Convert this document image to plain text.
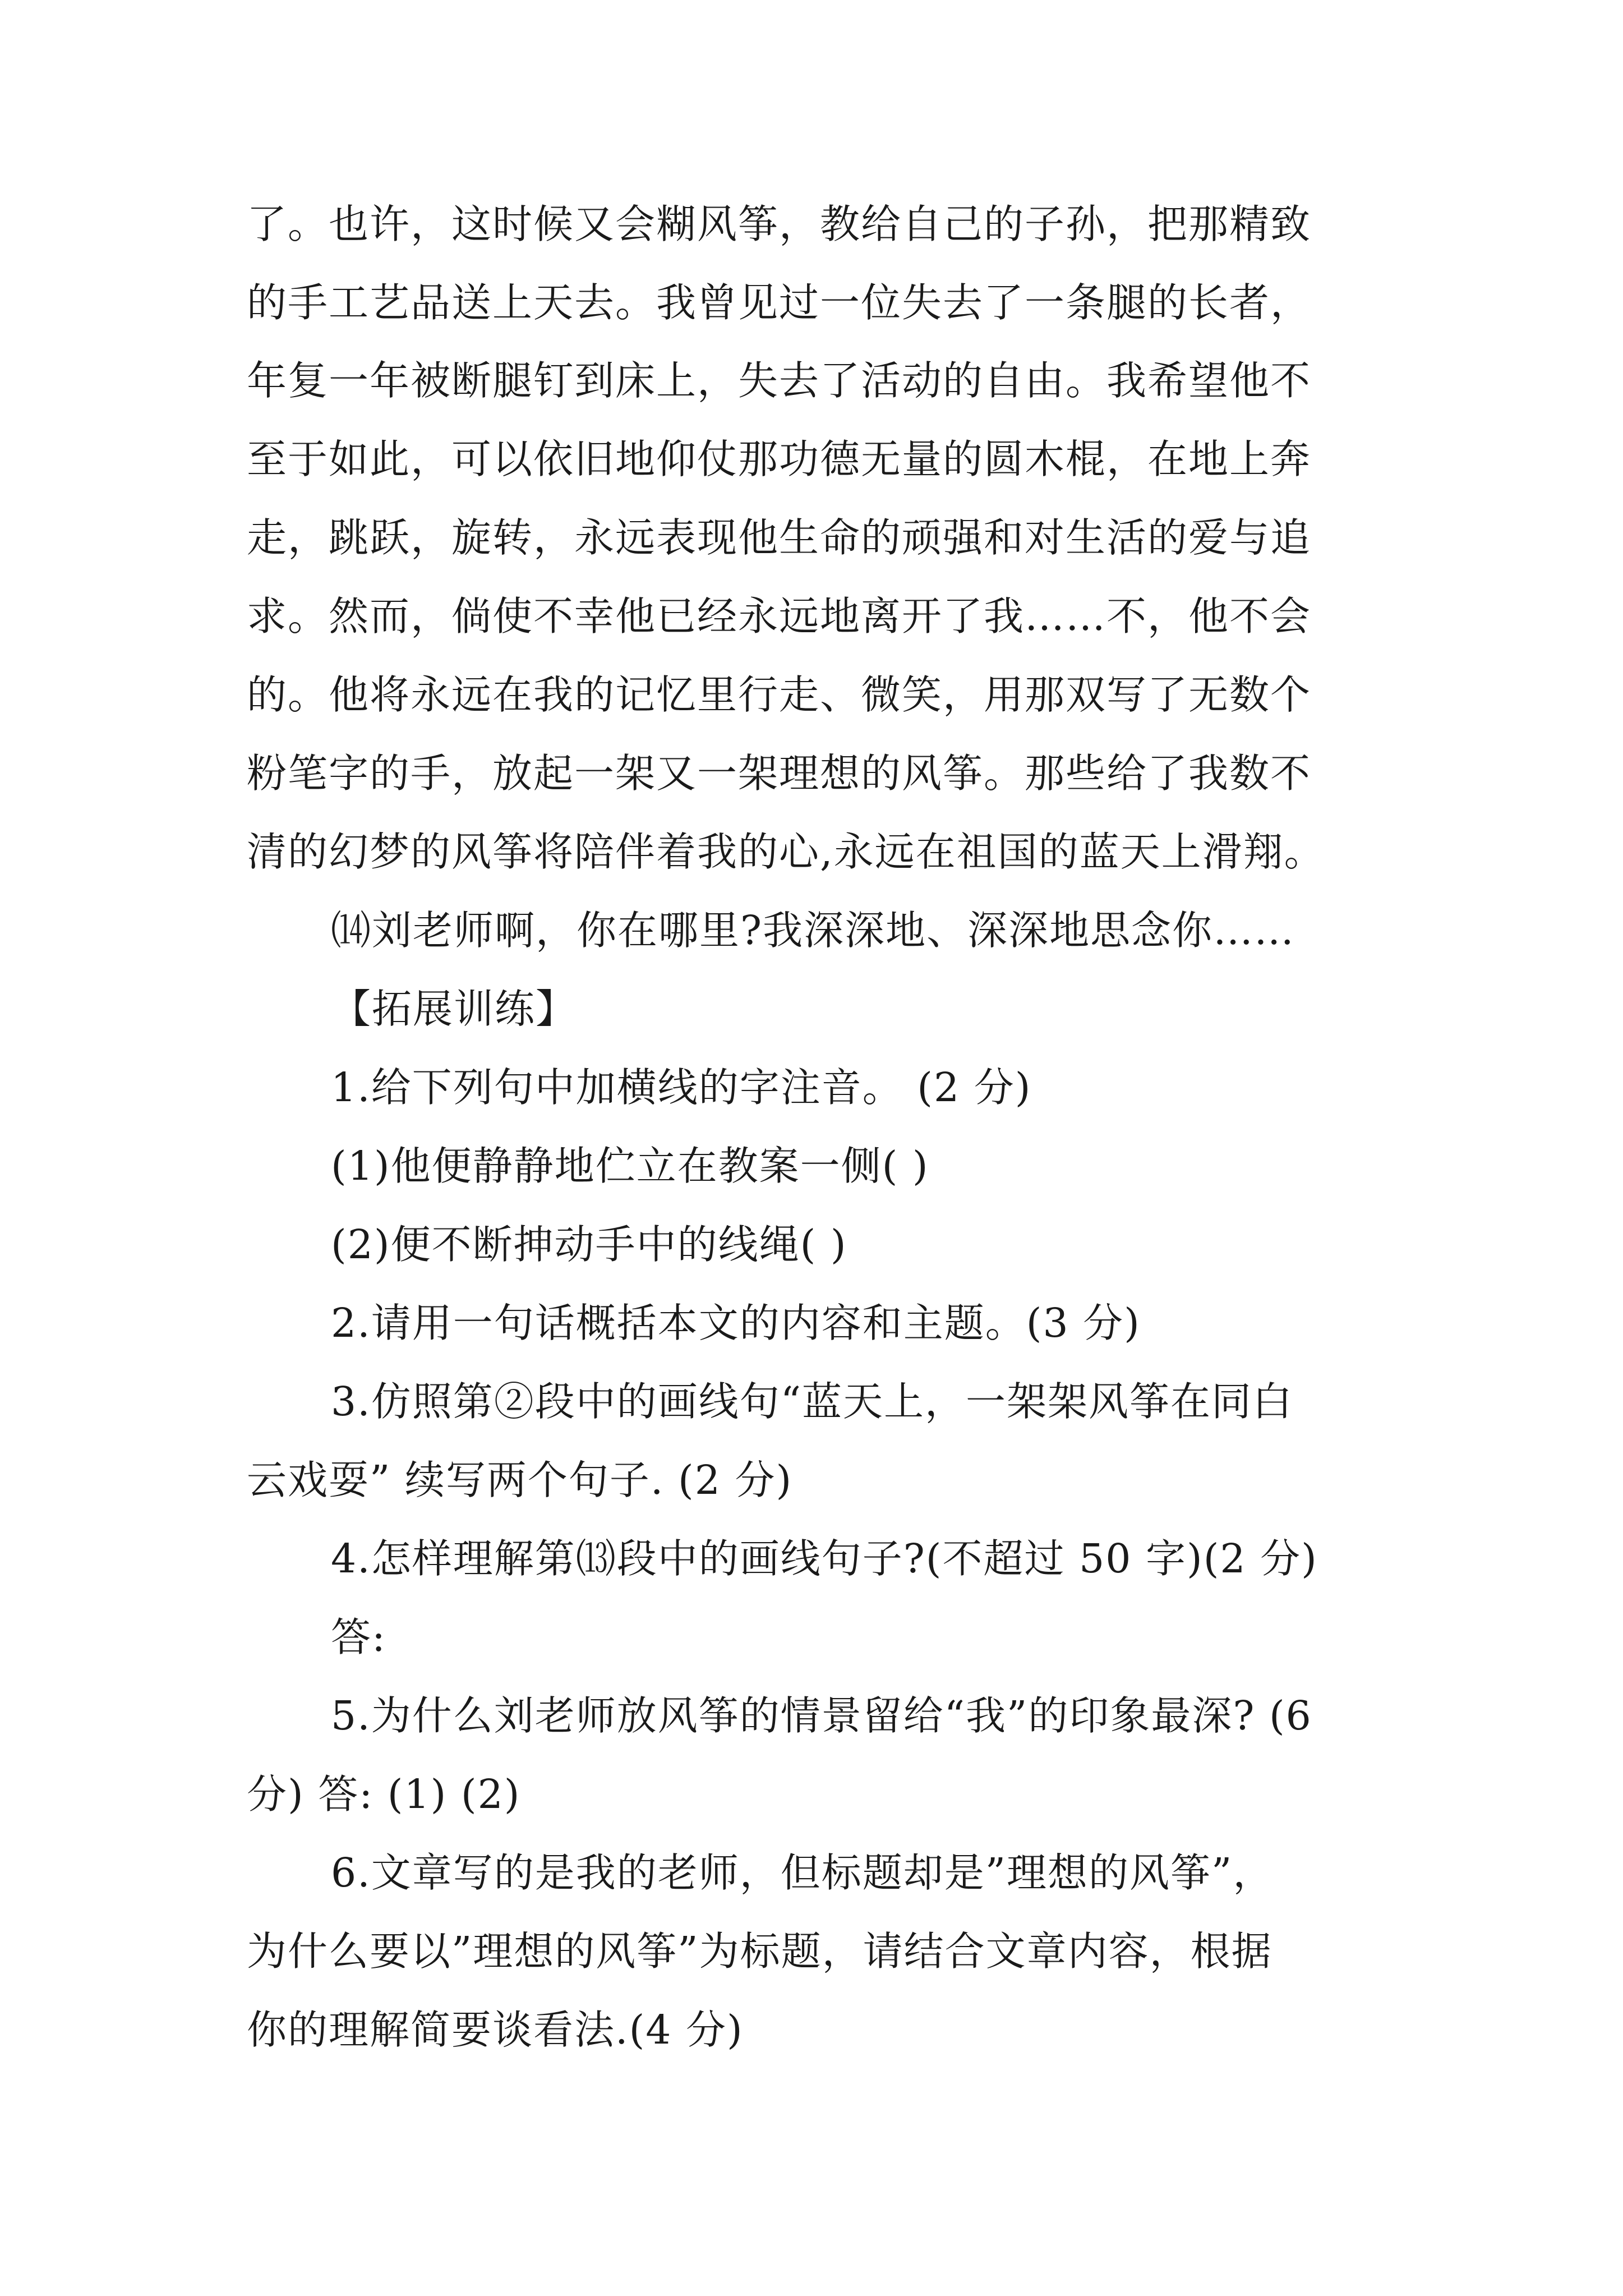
了。也许，这时候又会糊风筝，教给自己的子孙，把那精致
的手工艺品送上天去。我曾见过一位失去了一条腿的长者，
年复一年被断腿钉到床上，失去了活动的自由。我希望他不
至于如此，可以依旧地仰仗那功德无量的圆木棍，在地上奔
走，跳跃，旋转，永远表现他生命的顽强和对生活的爱与追
求。然而，倘使不幸他已经永远地离开了我……不，他不会
的。他将永远在我的记忆里行走、微笑，用那双写了无数个
粉笔字的手，放起一架又一架理想的风筝。那些给了我数不
清的幻梦的风筝将陪伴着我的心,永远在祖国的蓝天上滑翔。
⒁刘老师啊，你在哪里?我深深地、深深地思念你……
【拓展训练】
1.给下列句中加横线的字注音。 (2 分)
(1)他便静静地伫立在教案一侧( )
(2)便不断抻动手中的线绳( )
2.请用一句话概括本文的内容和主题。(3 分)
3.仿照第②段中的画线句“蓝天上，一架架风筝在同白
云戏耍” 续写两个句子. (2 分)
4.怎样理解第⒀段中的画线句子?(不超过 50 字)(2 分)
答:
5.为什么刘老师放风筝的情景留给“我”的印象最深? (6
分) 答: (1) (2)
6.文章写的是我的老师，但标题却是”理想的风筝”，
为什么要以”理想的风筝”为标题，请结合文章内容，根据
你的理解简要谈看法.(4 分)
